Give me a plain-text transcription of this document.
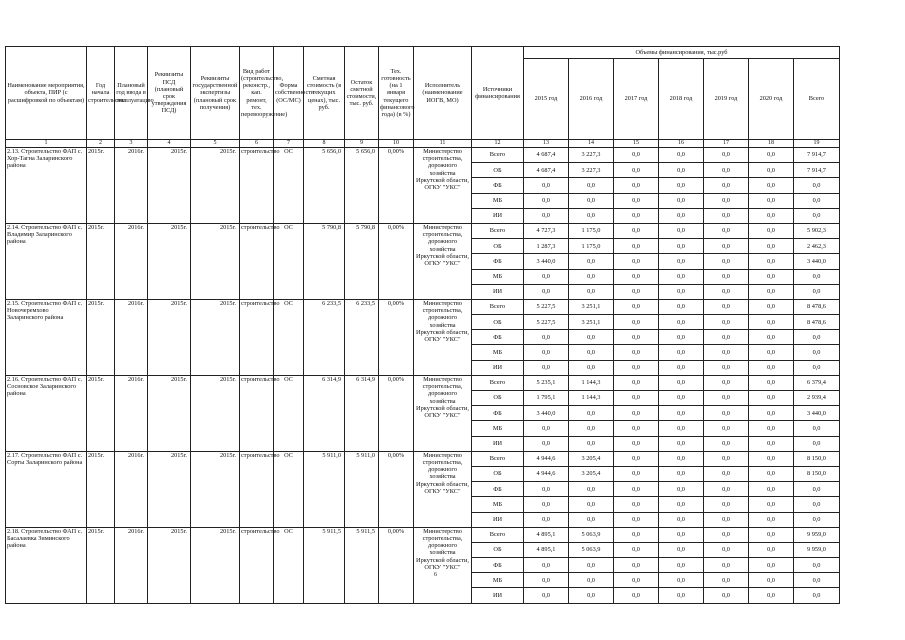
Наименование мероприятия, объекта, ПИР (с расшифровкой по объектам)	Год начала строительства	Плановый год ввода в эксплуатацию	Реквизиты ПСД (плановый срок утверждения ПСД)	Реквизиты государственной экспертизы (плановый срок получения)	Вид работ (строительство, реконстр., кап. ремонт, тех. перевооружение)	Форма собственности (ОС/МС)	Сметная стоимость (в текущих ценах), тыс. руб.	Остаток сметной стоимости, тыс. руб.	Тех. готовность (на 1 января текущего финансового года) (в %)	Исполнитель (наименование ИОГВ, МО)	Источники финансирования	Объемы финансирования, тыс.руб						
												2015 год	2016 год	2017 год	2018 год	2019 год	2020 год	Всего
1	2	3	4	5	6	7	8	9	10	11	12	13	14	15	16	17	18	19
2.13. Строительство ФАП с. Хор-Тагна Заларинского района	2015г.	2016г.	2015г.	2015г.	строительство	ОС	5 656,0	5 656,0	0,00%	Министерство строительства, дорожного хозяйства Иркутской области, ОГКУ "УКС"	Всего	4 687,4	3 227,3	0,0	0,0	0,0	0,0	7 914,7
											ОБ	4 687,4	3 227,3	0,0	0,0	0,0	0,0	7 914,7
											ФБ	0,0	0,0	0,0	0,0	0,0	0,0	0,0
											МБ	0,0	0,0	0,0	0,0	0,0	0,0	0,0
											ИИ	0,0	0,0	0,0	0,0	0,0	0,0	0,0
2.14. Строительство ФАП с. Владимир Заларинского района	2015г.	2016г.	2015г.	2015г.	строительство	ОС	5 790,8	5 790,8	0,00%	Министерство строительства, дорожного хозяйства Иркутской области, ОГКУ "УКС"	Всего	4 727,3	1 175,0	0,0	0,0	0,0	0,0	5 902,3
											ОБ	1 287,3	1 175,0	0,0	0,0	0,0	0,0	2 462,3
											ФБ	3 440,0	0,0	0,0	0,0	0,0	0,0	3 440,0
											МБ	0,0	0,0	0,0	0,0	0,0	0,0	0,0
											ИИ	0,0	0,0	0,0	0,0	0,0	0,0	0,0
2.15. Строительство ФАП с. Новочеремхово Заларинского района	2015г.	2016г.	2015г.	2015г.	строительство	ОС	6 233,5	6 233,5	0,00%	Министерство строительства, дорожного хозяйства Иркутской области, ОГКУ "УКС"	Всего	5 227,5	3 251,1	0,0	0,0	0,0	0,0	8 478,6
											ОБ	5 227,5	3 251,1	0,0	0,0	0,0	0,0	8 478,6
											ФБ	0,0	0,0	0,0	0,0	0,0	0,0	0,0
											МБ	0,0	0,0	0,0	0,0	0,0	0,0	0,0
											ИИ	0,0	0,0	0,0	0,0	0,0	0,0	0,0
2.16. Строительство ФАП с. Сосновское Заларинского района	2015г.	2016г.	2015г.	2015г.	строительство	ОС	6 314,9	6 314,9	0,00%	Министерство строительства, дорожного хозяйства Иркутской области, ОГКУ "УКС"	Всего	5 235,1	1 144,3	0,0	0,0	0,0	0,0	6 379,4
											ОБ	1 795,1	1 144,3	0,0	0,0	0,0	0,0	2 939,4
											ФБ	3 440,0	0,0	0,0	0,0	0,0	0,0	3 440,0
											МБ	0,0	0,0	0,0	0,0	0,0	0,0	0,0
											ИИ	0,0	0,0	0,0	0,0	0,0	0,0	0,0
2.17. Строительство ФАП с. Сорты Заларинского района	2015г.	2016г.	2015г.	2015г.	строительство	ОС	5 911,0	5 911,0	0,00%	Министерство строительства, дорожного хозяйства Иркутской области, ОГКУ "УКС"	Всего	4 944,6	3 205,4	0,0	0,0	0,0	0,0	8 150,0
											ОБ	4 944,6	3 205,4	0,0	0,0	0,0	0,0	8 150,0
											ФБ	0,0	0,0	0,0	0,0	0,0	0,0	0,0
											МБ	0,0	0,0	0,0	0,0	0,0	0,0	0,0
											ИИ	0,0	0,0	0,0	0,0	0,0	0,0	0,0
2.18. Строительство ФАП с. Басалаевка Зиминского района	2015г.	2016г.	2015г.	2015г.	строительство	ОС	5 911,5	5 911,5	0,00%	Министерство строительства, дорожного хозяйства Иркутской области, ОГКУ "УКС"	Всего	4 895,1	5 063,9	0,0	0,0	0,0	0,0	9 959,0
											ОБ	4 895,1	5 063,9	0,0	0,0	0,0	0,0	9 959,0
											ФБ	0,0	0,0	0,0	0,0	0,0	0,0	0,0
											МБ	0,0	0,0	0,0	0,0	0,0	0,0	0,0
											ИИ	0,0	0,0	0,0	0,0	0,0	0,0	0,0
6
